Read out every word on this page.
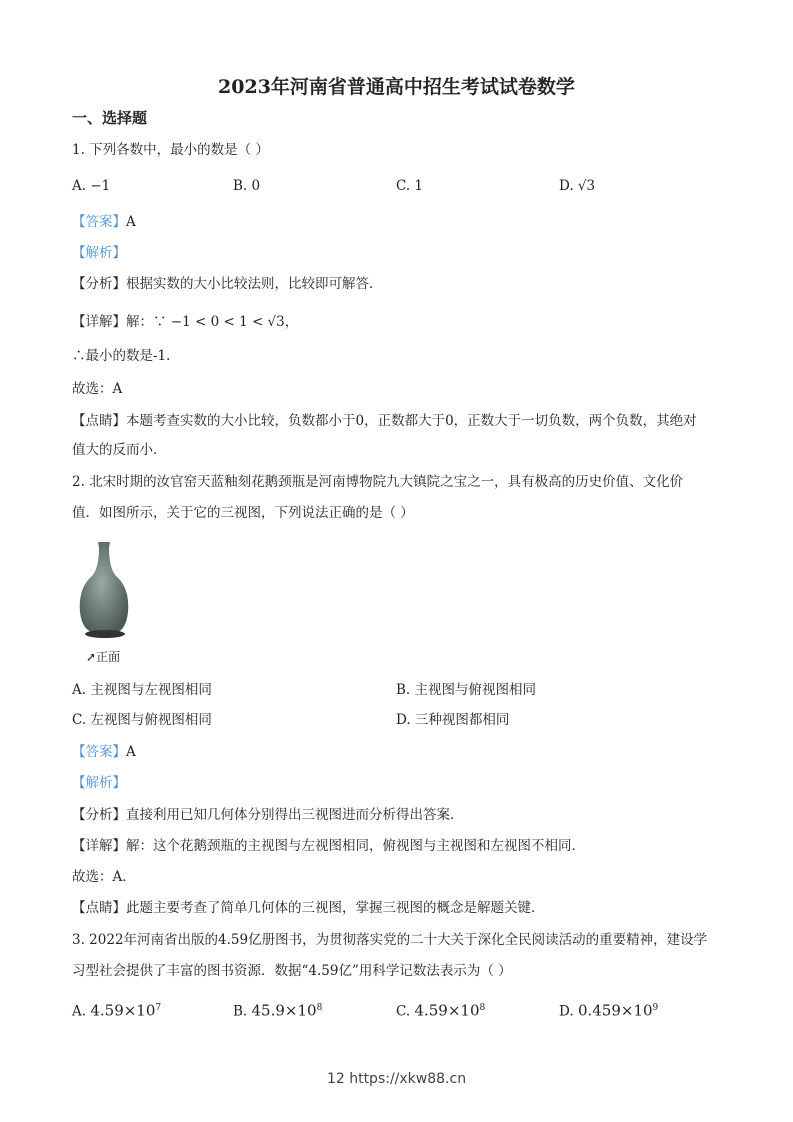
2023年河南省普通高中招生考试试卷数学
一、选择题
1. 下列各数中，最小的数是（ ）
A. −1	B. 0	C. 1	D. √3
【答案】A
【解析】
【分析】根据实数的大小比较法则，比较即可解答．
【详解】解：∵ −1 < 0 < 1 < √3，
∴最小的数是-1．
故选：A
【点睛】本题考查实数的大小比较，负数都小于0，正数都大于0，正数大于一切负数，两个负数，其绝对
值大的反而小．
2. 北宋时期的汝官窑天蓝釉刻花鹅颈瓶是河南博物院九大镇院之宝之一，具有极高的历史价值、文化价
值．如图所示，关于它的三视图，下列说法正确的是（ ）
➚正面
A. 主视图与左视图相同	B. 主视图与俯视图相同
C. 左视图与俯视图相同	D. 三种视图都相同
【答案】A
【解析】
【分析】直接利用已知几何体分别得出三视图进而分析得出答案．
【详解】解：这个花鹅颈瓶的主视图与左视图相同，俯视图与主视图和左视图不相同．
故选：A．
【点睛】此题主要考查了简单几何体的三视图，掌握三视图的概念是解题关键．
3. 2022年河南省出版的4.59亿册图书，为贯彻落实党的二十大关于深化全民阅读活动的重要精神，建设学
习型社会提供了丰富的图书资源．数据“4.59亿”用科学记数法表示为（ ）
A. $4.59\times 10^7$	B. $45.9\times 10^8$	C. $4.59\times 10^8$	D. $0.459\times 10^9$
12 https://xkw88.cn
